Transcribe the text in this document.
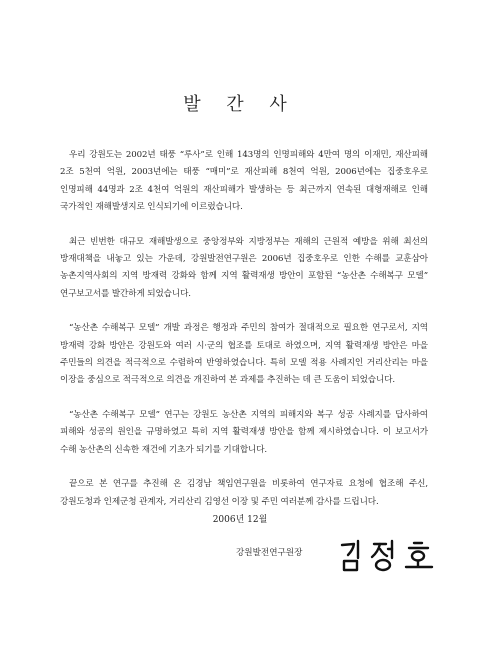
발 간 사

우리 강원도는 2002년 태풍 “루사”로 인해 143명의 인명피해와 4만여 명의 이재민, 재산피해 2조 5천여 억원, 2003년에는 태풍 “매미”로 재산피해 8천여 억원, 2006년에는 집중호우로 인명피해 44명과 2조 4천여 억원의 재산피해가 발생하는 등 최근까지 연속된 대형재해로 인해 국가적인 재해발생지로 인식되기에 이르렀습니다.

최근 빈번한 대규모 재해발생으로 중앙정부와 지방정부는 재해의 근원적 예방을 위해 최선의 방재대책을 내놓고 있는 가운데, 강원발전연구원은 2006년 집중호우로 인한 수해를 교훈삼아 농촌지역사회의 지역 방재력 강화와 함께 지역 활력재생 방안이 포함된 “농산촌 수해복구 모델” 연구보고서를 발간하게 되었습니다.

“농산촌 수해복구 모델” 개발 과정은 행정과 주민의 참여가 절대적으로 필요한 연구로서, 지역 방재력 강화 방안은 강원도와 여러 시·군의 협조를 토대로 하였으며, 지역 활력재생 방안은 마을 주민들의 의견을 적극적으로 수렴하여 반영하였습니다. 특히 모델 적용 사례지인 거리산리는 마을 이장을 중심으로 적극적으로 의견을 개진하여 본 과제를 추진하는 데 큰 도움이 되었습니다.

“농산촌 수해복구 모델” 연구는 강원도 농산촌 지역의 피해지와 복구 성공 사례지를 답사하여 피해와 성공의 원인을 규명하였고 특히 지역 활력재생 방안을 함께 제시하였습니다. 이 보고서가 수해 농산촌의 신속한 재건에 기초가 되기를 기대합니다.

끝으로 본 연구를 추진해 온 김경남 책임연구원을 비롯하여 연구자료 요청에 협조해 주신, 강원도청과 인제군청 관계자, 거리산리 김영선 이장 및 주민 여러분께 감사를 드립니다.

2006년 12월
강원발전연구원장
